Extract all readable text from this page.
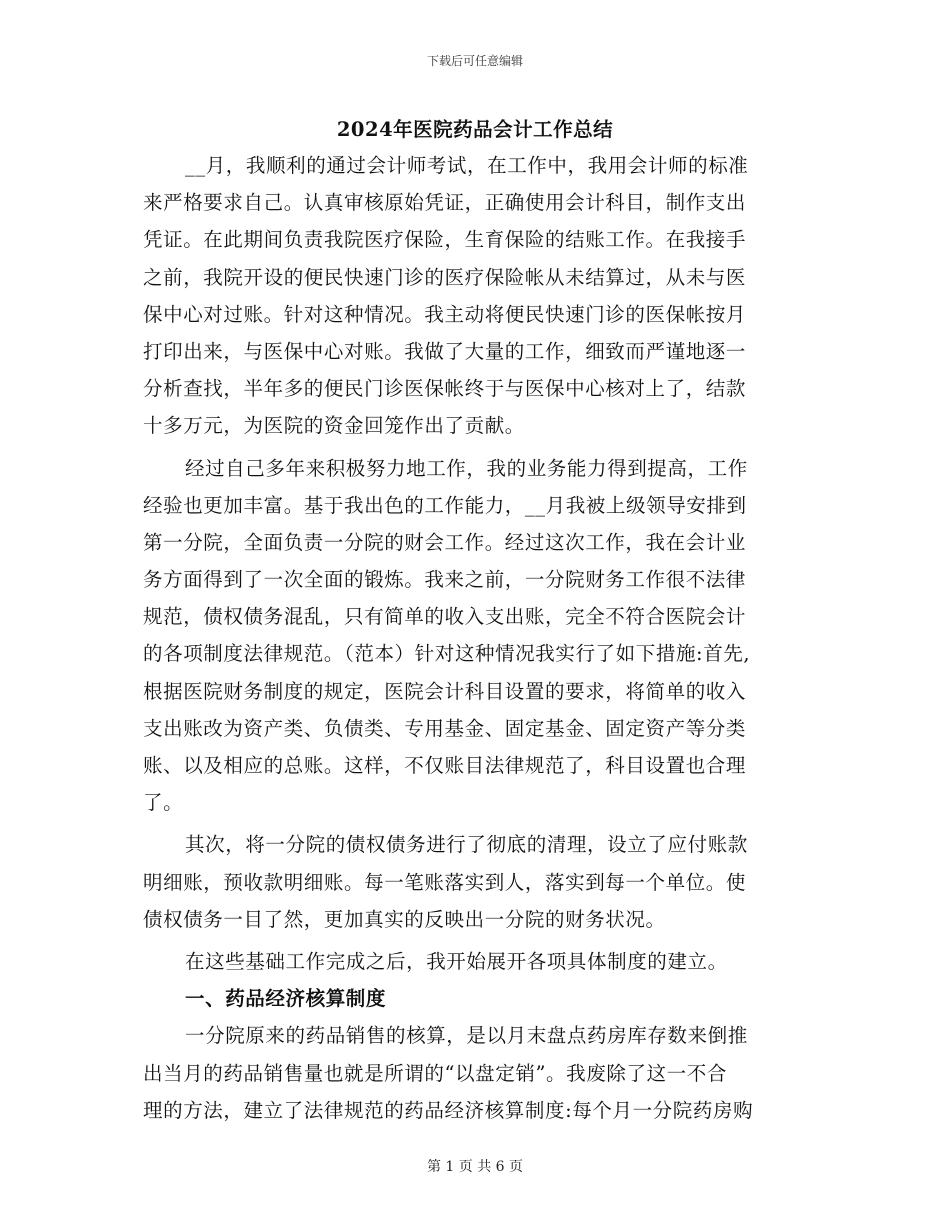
下载后可任意编辑
2024年医院药品会计工作总结
__月，我顺利的通过会计师考试，在工作中，我用会计师的标准
来严格要求自己。认真审核原始凭证，正确使用会计科目，制作支出
凭证。在此期间负责我院医疗保险，生育保险的结账工作。在我接手
之前，我院开设的便民快速门诊的医疗保险帐从未结算过，从未与医
保中心对过账。针对这种情况。我主动将便民快速门诊的医保帐按月
打印出来，与医保中心对账。我做了大量的工作，细致而严谨地逐一
分析查找，半年多的便民门诊医保帐终于与医保中心核对上了，结款
十多万元，为医院的资金回笼作出了贡献。
经过自己多年来积极努力地工作，我的业务能力得到提高，工作
经验也更加丰富。基于我出色的工作能力，__月我被上级领导安排到
第一分院，全面负责一分院的财会工作。经过这次工作，我在会计业
务方面得到了一次全面的锻炼。我来之前，一分院财务工作很不法律
规范，债权债务混乱，只有简单的收入支出账，完全不符合医院会计
的各项制度法律规范。（范本）针对这种情况我实行了如下措施:首先,
根据医院财务制度的规定，医院会计科目设置的要求，将简单的收入
支出账改为资产类、负债类、专用基金、固定基金、固定资产等分类
账、以及相应的总账。这样，不仅账目法律规范了，科目设置也合理
了。
其次，将一分院的债权债务进行了彻底的清理，设立了应付账款
明细账，预收款明细账。每一笔账落实到人，落实到每一个单位。使
债权债务一目了然，更加真实的反映出一分院的财务状况。
在这些基础工作完成之后，我开始展开各项具体制度的建立。
一、药品经济核算制度
一分院原来的药品销售的核算，是以月末盘点药房库存数来倒推
出当月的药品销售量也就是所谓的“以盘定销”。我废除了这一不合
理的方法，建立了法律规范的药品经济核算制度:每个月一分院药房购
第 1 页 共 6 页
